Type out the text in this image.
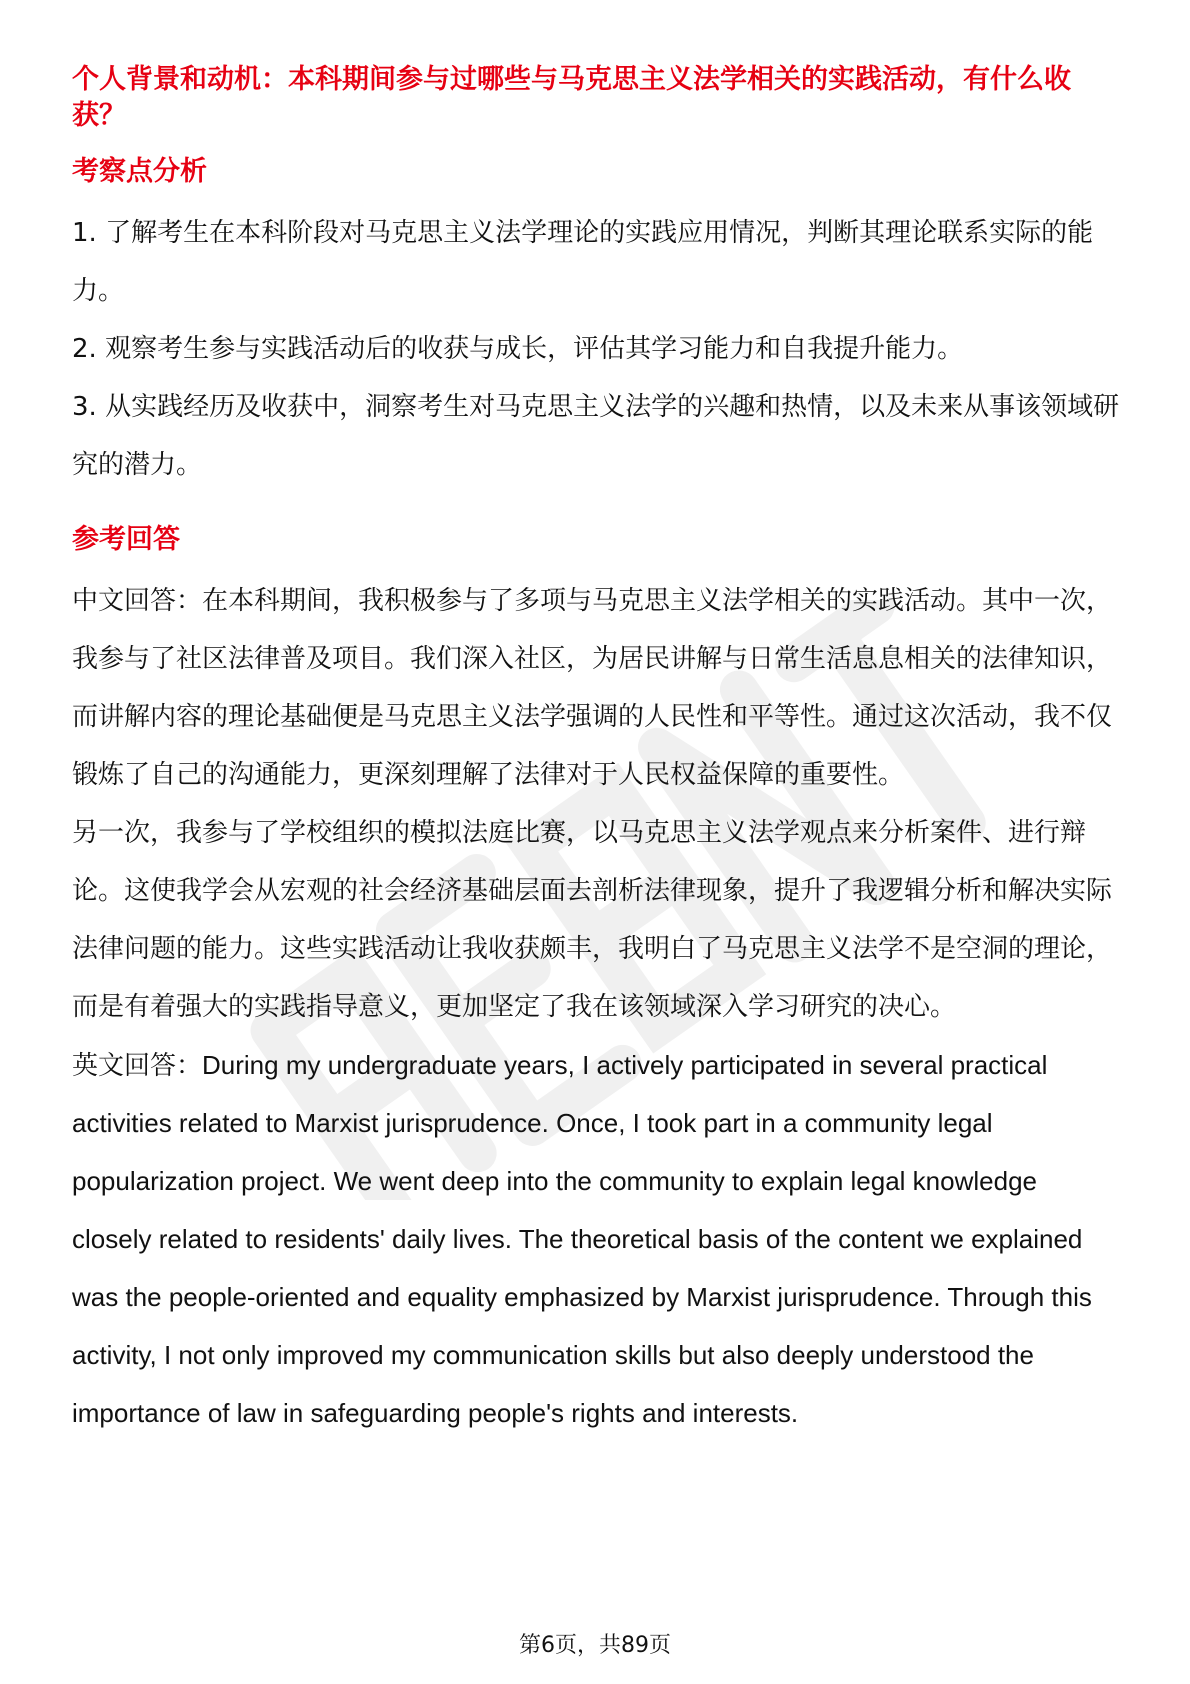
个人背景和动机：本科期间参与过哪些与马克思主义法学相关的实践活动，有什么收获？
考察点分析

1. 了解考生在本科阶段对马克思主义法学理论的实践应用情况，判断其理论联系实际的能力。

2. 观察考生参与实践活动后的收获与成长，评估其学习能力和自我提升能力。

3. 从实践经历及收获中，洞察考生对马克思主义法学的兴趣和热情，以及未来从事该领域研究的潜力。

参考回答

中文回答：在本科期间，我积极参与了多项与马克思主义法学相关的实践活动。其中一次，我参与了社区法律普及项目。我们深入社区，为居民讲解与日常生活息息相关的法律知识，而讲解内容的理论基础便是马克思主义法学强调的人民性和平等性。通过这次活动，我不仅锻炼了自己的沟通能力，更深刻理解了法律对于人民权益保障的重要性。

另一次，我参与了学校组织的模拟法庭比赛，以马克思主义法学观点来分析案件、进行辩论。这使我学会从宏观的社会经济基础层面去剖析法律现象，提升了我逻辑分析和解决实际法律问题的能力。这些实践活动让我收获颇丰，我明白了马克思主义法学不是空洞的理论，而是有着强大的实践指导意义，更加坚定了我在该领域深入学习研究的决心。

英文回答：During my undergraduate years, I actively participated in several practical activities related to Marxist jurisprudence. Once, I took part in a community legal popularization project. We went deep into the community to explain legal knowledge closely related to residents' daily lives. The theoretical basis of the content we explained was the people-oriented and equality emphasized by Marxist jurisprudence. Through this activity, I not only improved my communication skills but also deeply understood the importance of law in safeguarding people's rights and interests.

第6页，共89页
